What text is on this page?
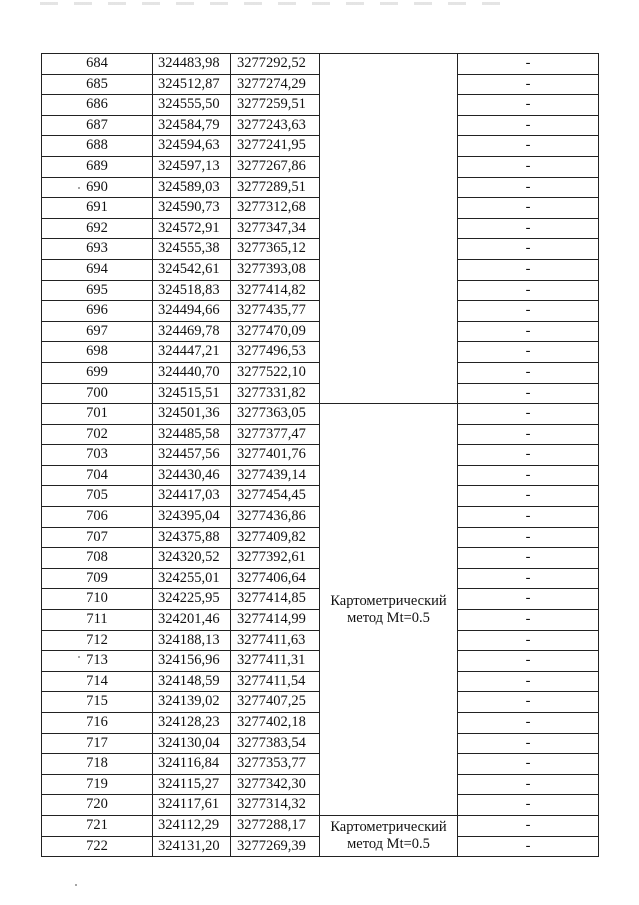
684	324483,98	3277292,52		-
685	324512,87	3277274,29		-
686	324555,50	3277259,51		-
687	324584,79	3277243,63		-
688	324594,63	3277241,95		-
689	324597,13	3277267,86		-
690	324589,03	3277289,51		-
691	324590,73	3277312,68		-
692	324572,91	3277347,34		-
693	324555,38	3277365,12		-
694	324542,61	3277393,08		-
695	324518,83	3277414,82		-
696	324494,66	3277435,77		-
697	324469,78	3277470,09		-
698	324447,21	3277496,53		-
699	324440,70	3277522,10		-
700	324515,51	3277331,82		-
701	324501,36	3277363,05	Картометрический метод Mt=0.5	-
702	324485,58	3277377,47		-
703	324457,56	3277401,76		-
704	324430,46	3277439,14		-
705	324417,03	3277454,45		-
706	324395,04	3277436,86		-
707	324375,88	3277409,82		-
708	324320,52	3277392,61		-
709	324255,01	3277406,64		-
710	324225,95	3277414,85		-
711	324201,46	3277414,99		-
712	324188,13	3277411,63		-
713	324156,96	3277411,31		-
714	324148,59	3277411,54		-
715	324139,02	3277407,25		-
716	324128,23	3277402,18		-
717	324130,04	3277383,54		-
718	324116,84	3277353,77		-
719	324115,27	3277342,30		-
720	324117,61	3277314,32		-
721	324112,29	3277288,17	Картометрический метод Mt=0.5	-
722	324131,20	3277269,39		-
